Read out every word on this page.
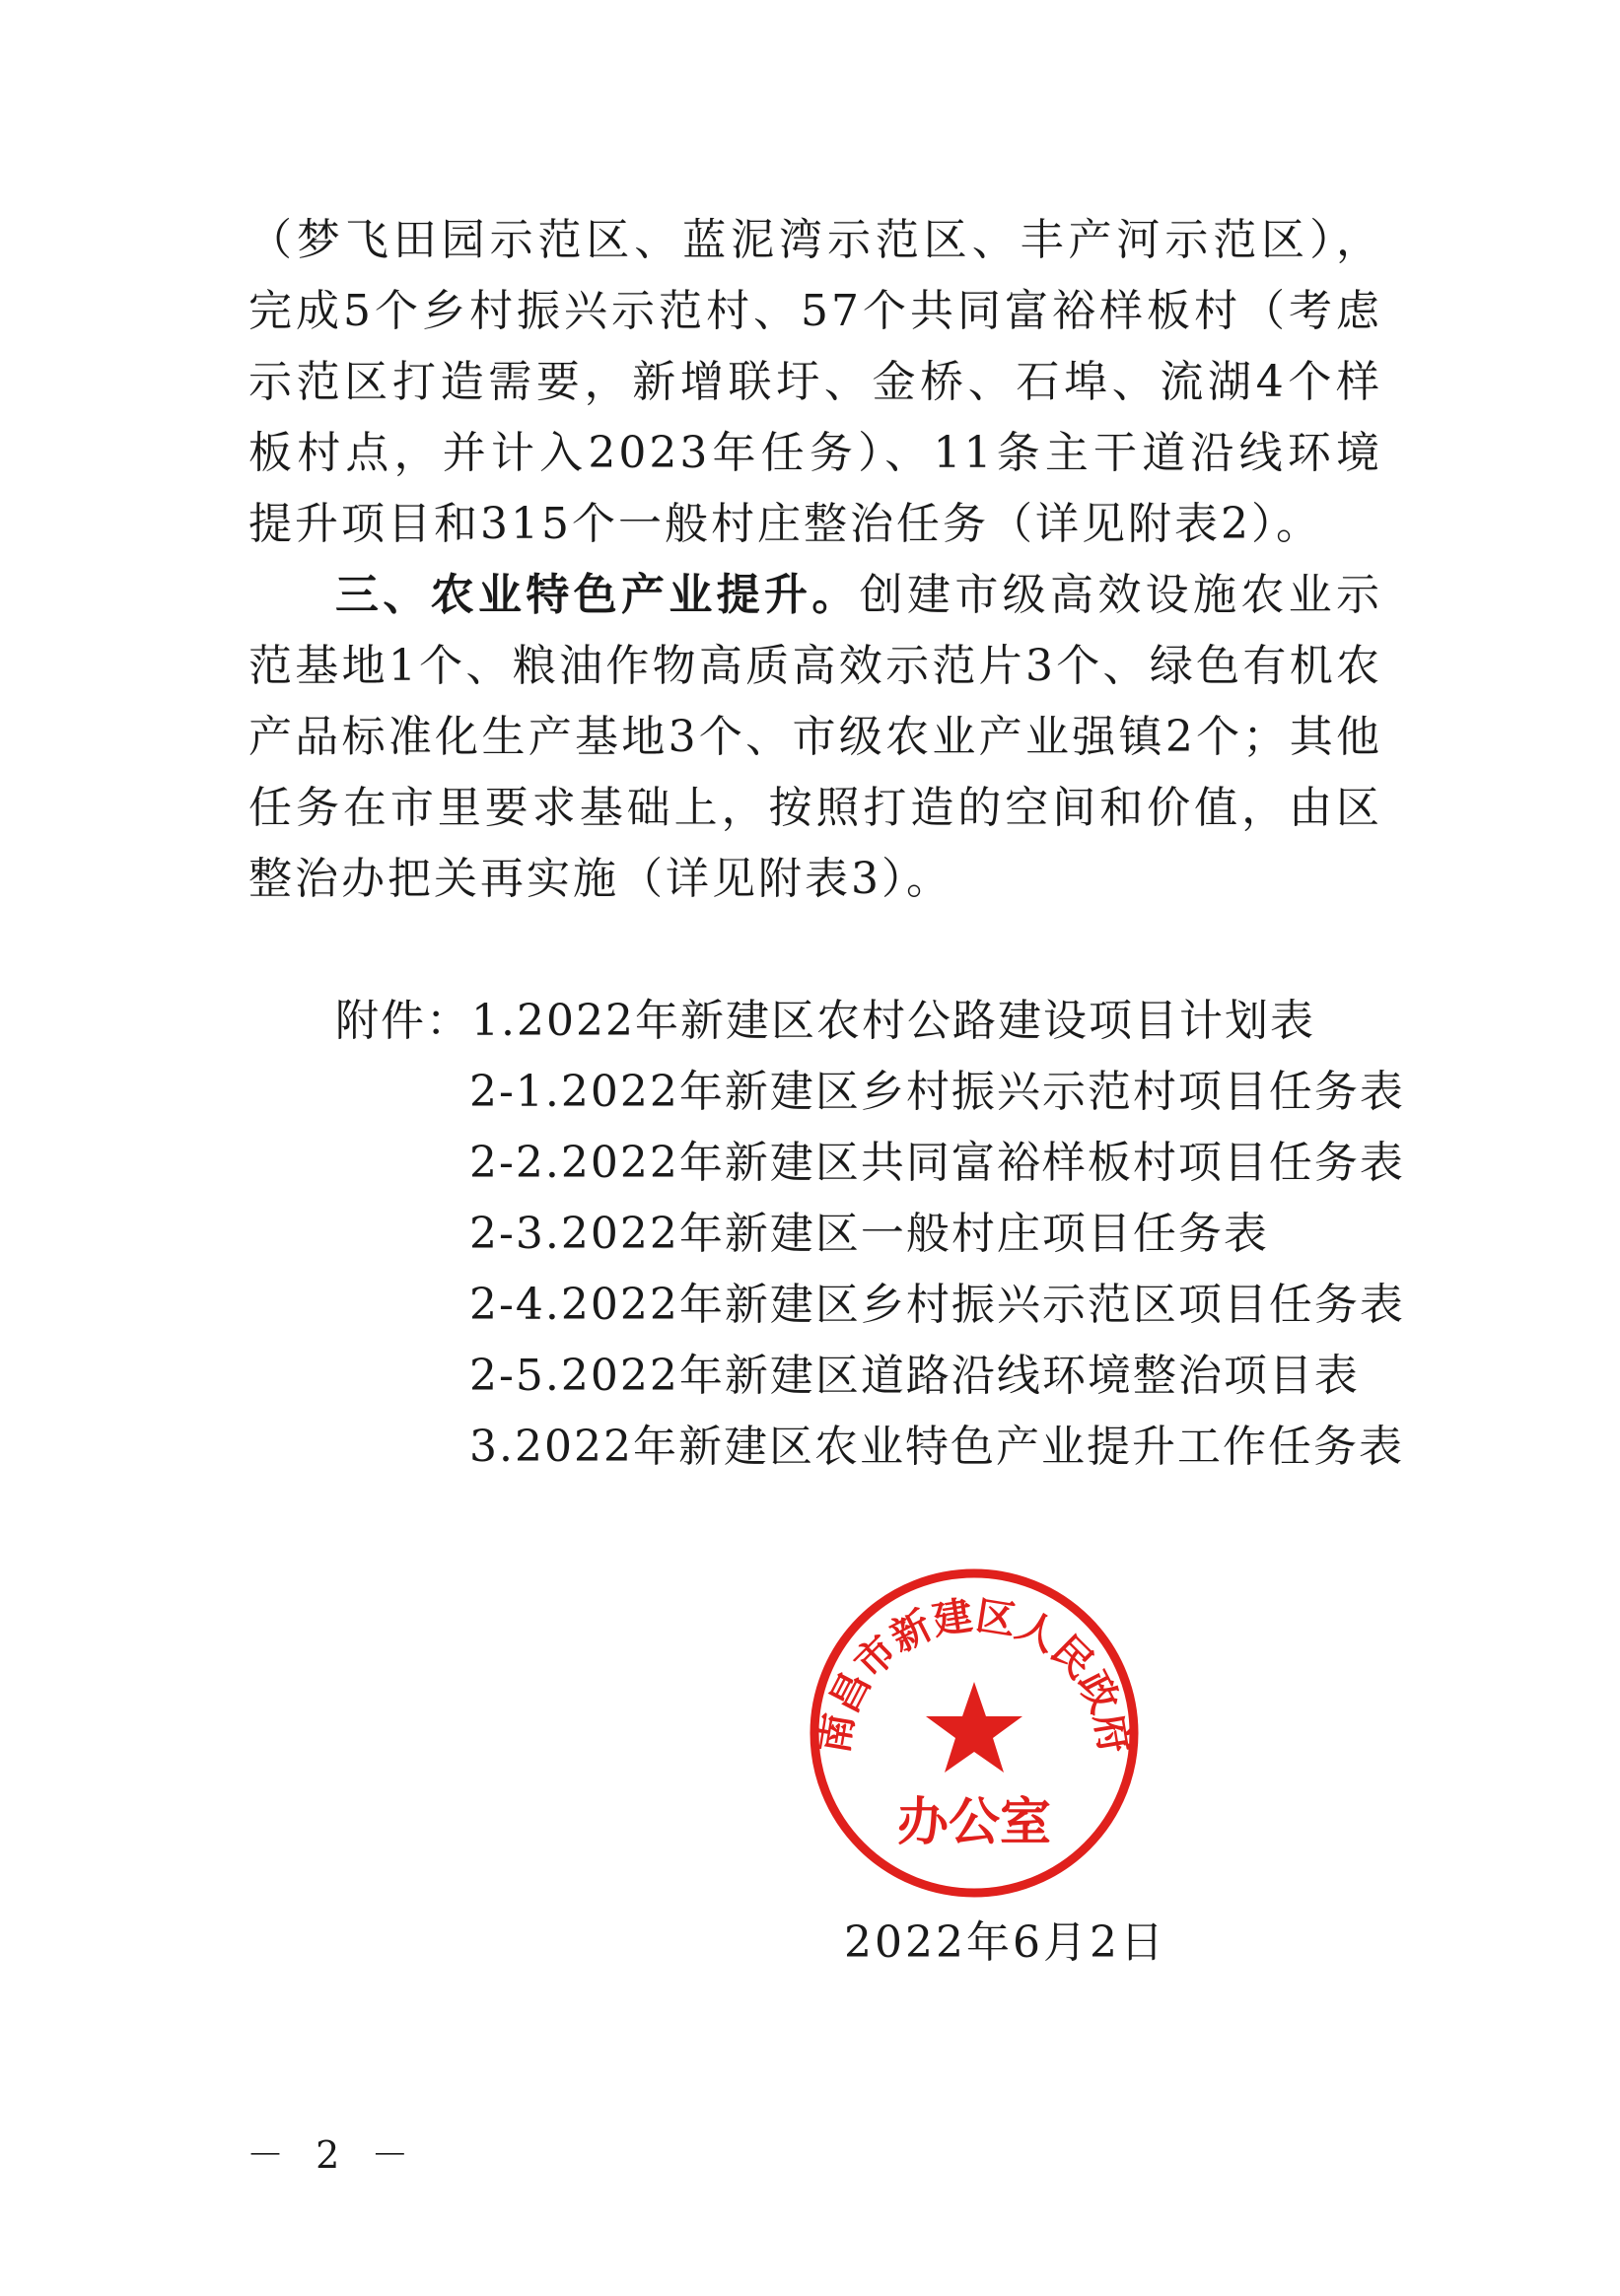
（梦飞田园示范区、蓝泥湾示范区、丰产河示范区），完成5个乡村振兴示范村、57个共同富裕样板村（考虑示范区打造需要，新增联圩、金桥、石埠、流湖4个样板村点，并计入2023年任务）、11条主干道沿线环境提升项目和315个一般村庄整治任务（详见附表2）。

三、农业特色产业提升。创建市级高效设施农业示范基地1个、粮油作物高质高效示范片3个、绿色有机农产品标准化生产基地3个、市级农业产业强镇2个；其他任务在市里要求基础上，按照打造的空间和价值，由区整治办把关再实施（详见附表3）。

附件：1.2022年新建区农村公路建设项目计划表
2-1.2022年新建区乡村振兴示范村项目任务表
2-2.2022年新建区共同富裕样板村项目任务表
2-3.2022年新建区一般村庄项目任务表
2-4.2022年新建区乡村振兴示范区项目任务表
2-5.2022年新建区道路沿线环境整治项目表
3.2022年新建区农业特色产业提升工作任务表
南昌市新建区人民政府
办公室
2022年6月2日
－ 2 －
